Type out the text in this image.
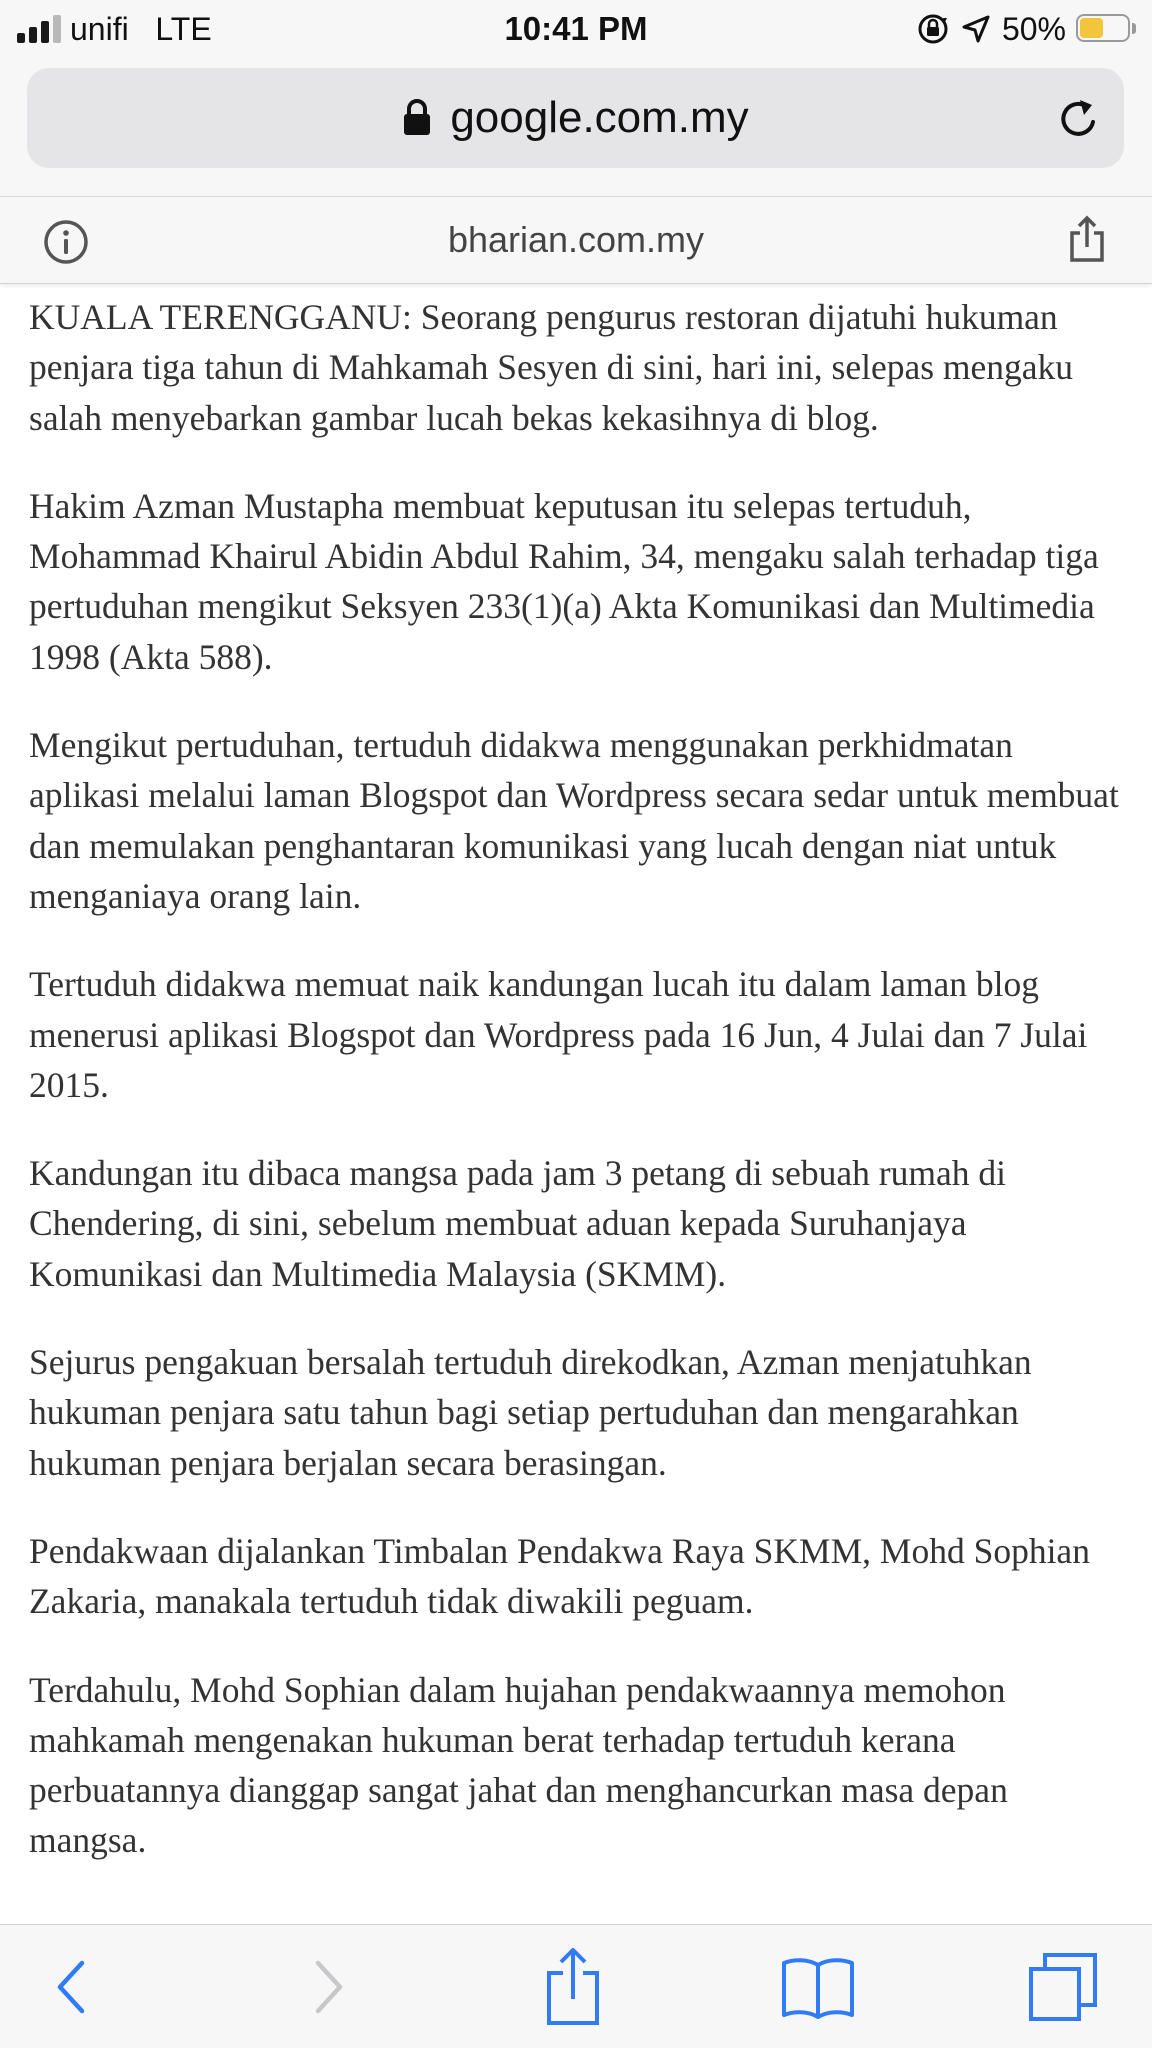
unifi LTE	10:41 PM	50%
google.com.my
bharian.com.my

KUALA TERENGGANU: Seorang pengurus restoran dijatuhi hukuman penjara tiga tahun di Mahkamah Sesyen di sini, hari ini, selepas mengaku salah menyebarkan gambar lucah bekas kekasihnya di blog.

Hakim Azman Mustapha membuat keputusan itu selepas tertuduh, Mohammad Khairul Abidin Abdul Rahim, 34, mengaku salah terhadap tiga pertuduhan mengikut Seksyen 233(1)(a) Akta Komunikasi dan Multimedia 1998 (Akta 588).

Mengikut pertuduhan, tertuduh didakwa menggunakan perkhidmatan aplikasi melalui laman Blogspot dan Wordpress secara sedar untuk membuat dan memulakan penghantaran komunikasi yang lucah dengan niat untuk menganiaya orang lain.

Tertuduh didakwa memuat naik kandungan lucah itu dalam laman blog menerusi aplikasi Blogspot dan Wordpress pada 16 Jun, 4 Julai dan 7 Julai 2015.

Kandungan itu dibaca mangsa pada jam 3 petang di sebuah rumah di Chendering, di sini, sebelum membuat aduan kepada Suruhanjaya Komunikasi dan Multimedia Malaysia (SKMM).

Sejurus pengakuan bersalah tertuduh direkodkan, Azman menjatuhkan hukuman penjara satu tahun bagi setiap pertuduhan dan mengarahkan hukuman penjara berjalan secara berasingan.

Pendakwaan dijalankan Timbalan Pendakwa Raya SKMM, Mohd Sophian Zakaria, manakala tertuduh tidak diwakili peguam.

Terdahulu, Mohd Sophian dalam hujahan pendakwaannya memohon mahkamah mengenakan hukuman berat terhadap tertuduh kerana perbuatannya dianggap sangat jahat dan menghancurkan masa depan mangsa.
